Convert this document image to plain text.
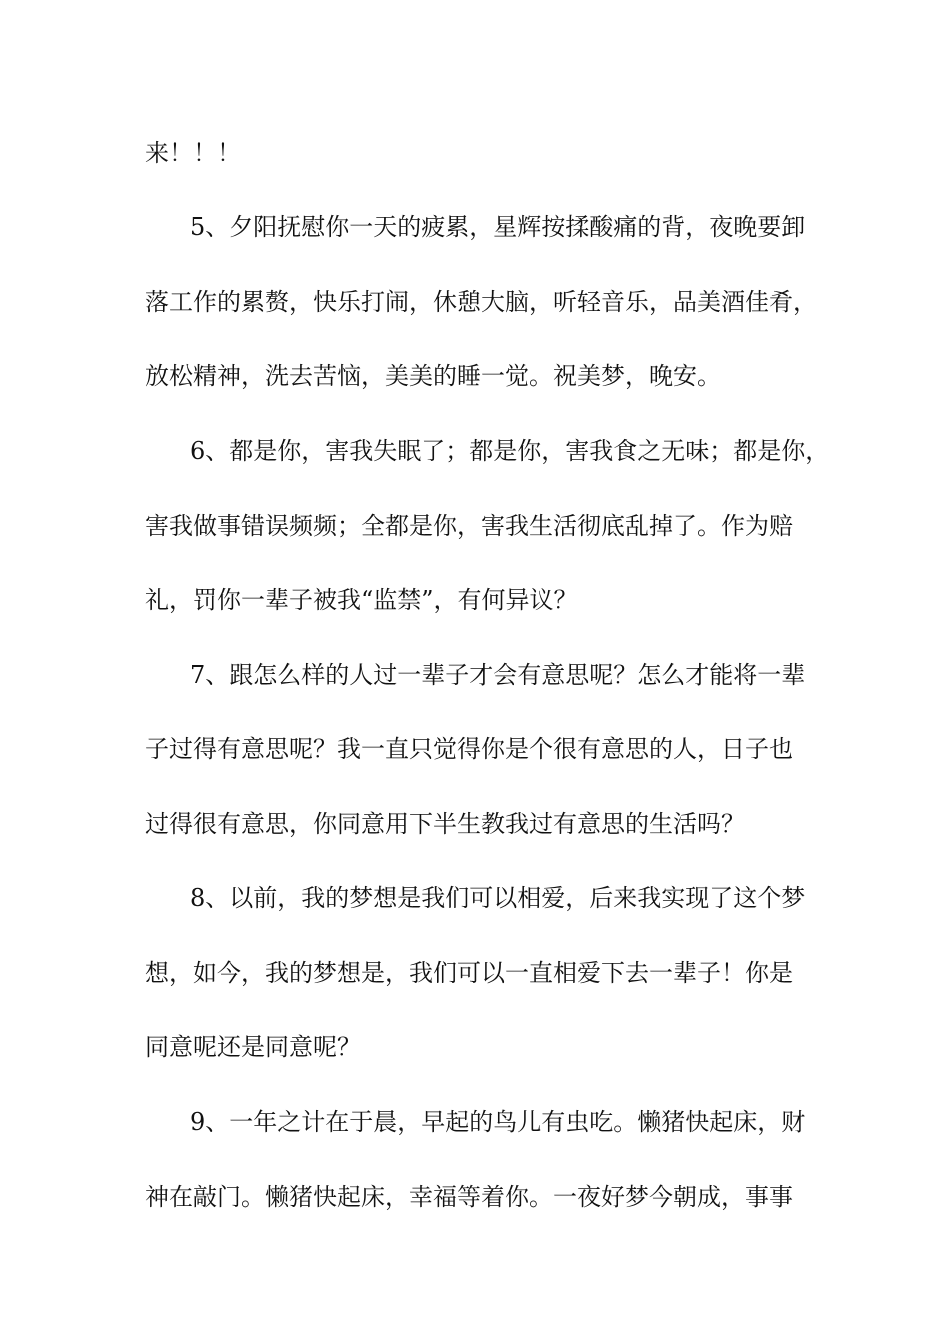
来！！！

5、夕阳抚慰你一天的疲累，星辉按揉酸痛的背，夜晚要卸

落工作的累赘，快乐打闹，休憩大脑，听轻音乐，品美酒佳肴，

放松精神，洗去苦恼，美美的睡一觉。祝美梦，晚安。

6、都是你，害我失眠了；都是你，害我食之无味；都是你，

害我做事错误频频；全都是你，害我生活彻底乱掉了。作为赔

礼，罚你一辈子被我“监禁”，有何异议？

7、跟怎么样的人过一辈子才会有意思呢？怎么才能将一辈

子过得有意思呢？我一直只觉得你是个很有意思的人，日子也

过得很有意思，你同意用下半生教我过有意思的生活吗？

8、以前，我的梦想是我们可以相爱，后来我实现了这个梦

想，如今，我的梦想是，我们可以一直相爱下去一辈子！你是

同意呢还是同意呢？

9、一年之计在于晨，早起的鸟儿有虫吃。懒猪快起床，财

神在敲门。懒猪快起床，幸福等着你。一夜好梦今朝成，事事
